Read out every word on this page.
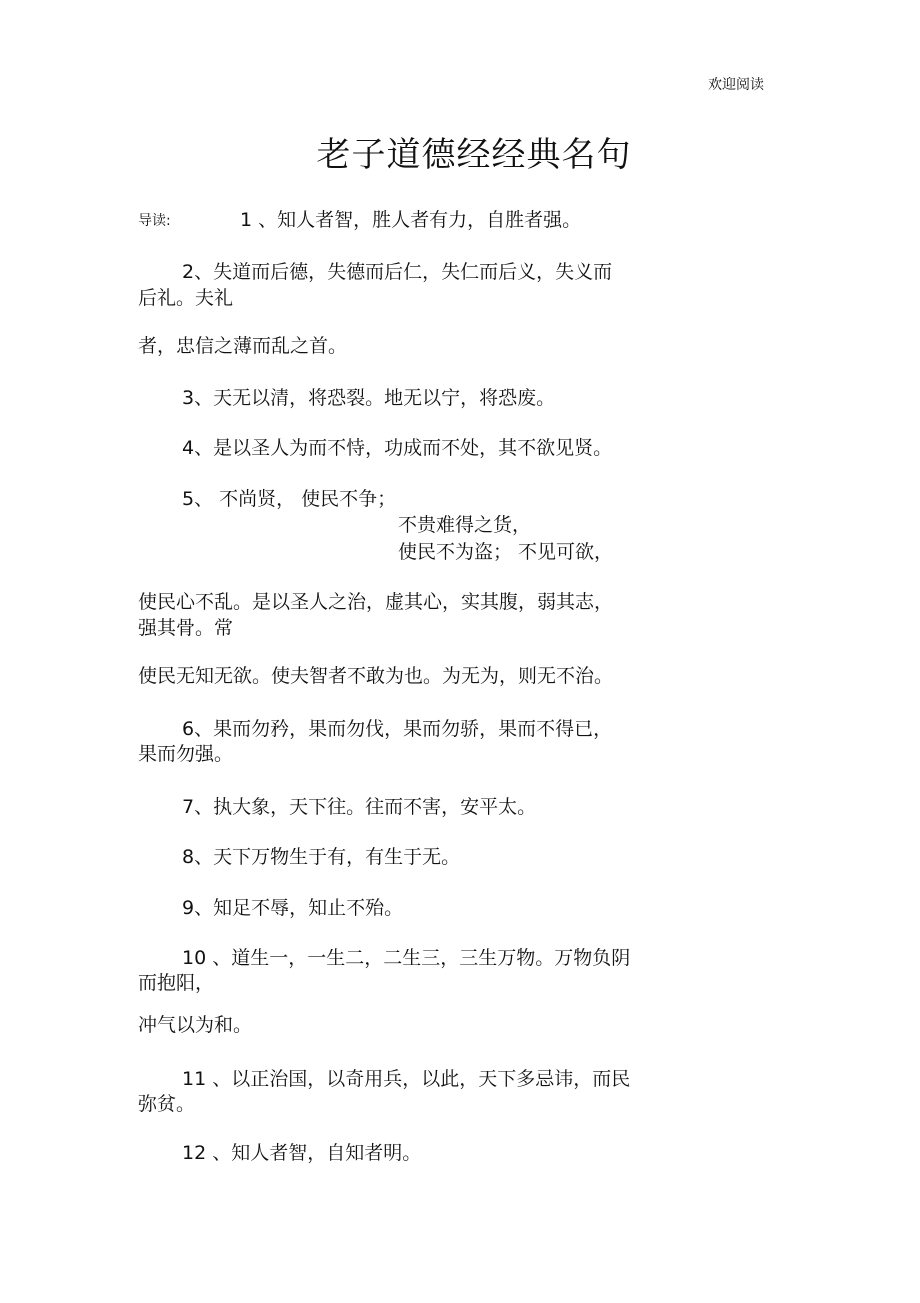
欢迎阅读
老子道德经经典名句
导读:	1 、知人者智，胜人者有力，自胜者强。
2、失道而后德，失德而后仁，失仁而后义，失义而
后礼。夫礼
者，忠信之薄而乱之首。
3、天无以清，将恐裂。地无以宁，将恐废。
4、是以圣人为而不恃，功成而不处，其不欲见贤。
5、 不尚贤， 使民不争；
不贵难得之货，
使民不为盗； 不见可欲，
使民心不乱。是以圣人之治，虚其心，实其腹，弱其志，
强其骨。常
使民无知无欲。使夫智者不敢为也。为无为，则无不治。
6、果而勿矜，果而勿伐，果而勿骄，果而不得已，
果而勿强。
7、执大象，天下往。往而不害，安平太。
8、天下万物生于有，有生于无。
9、知足不辱，知止不殆。
10 、道生一，一生二，二生三，三生万物。万物负阴
而抱阳，
冲气以为和。
11 、以正治国，以奇用兵，以此，天下多忌讳，而民
弥贫。
12 、知人者智，自知者明。
